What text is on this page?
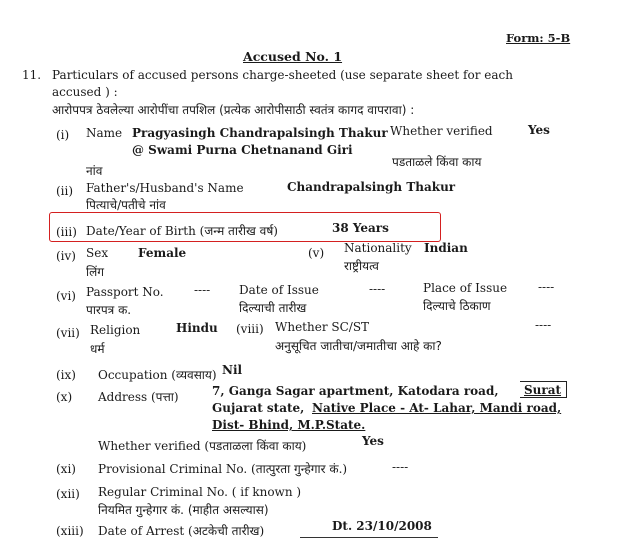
Form: 5-B
Accused No. 1
11. Particulars of accused persons charge-sheeted (use separate sheet for each
accused ) :
आरोपपत्र ठेवलेल्या आरोपींचा तपशिल (प्रत्येक आरोपीसाठी स्वतंत्र कागद वापरावा) :
(i) Name Pragyasingh Chandrapalsingh Thakur
@ Swami Purna Chetnanand Giri
Whether verified	Yes
नांव
पडताळले किंवा काय
(ii) Father's/Husband's Name	Chandrapalsingh Thakur
पित्याचे/पतीचे नांव
(iii) Date/Year of Birth (जन्म तारीख वर्ष)	38 Years
(iv) Sex Female
लिंग
(v) Nationality Indian
राष्ट्रीयत्व
(vi) Passport No.	----
पारपत्र क.
Date of Issue	----
दिल्याची तारीख
Place of Issue	----
दिल्याचे ठिकाण
(vii) Religion	Hindu
धर्म
(viii) Whether SC/ST	----
अनुसूचित जातीचा/जमातीचा आहे का?
(ix) Occupation (व्यवसाय) Nil
(x) Address (पत्ता)	7, Ganga Sagar apartment, Katodara road, Surat
Gujarat state, Native Place - At- Lahar, Mandi road,
Dist- Bhind, M.P.State.
Whether verified (पडताळला किंवा काय)	Yes
(xi) Provisional Criminal No. (तात्पुरता गुन्हेगार कं.)	----
(xii) Regular Criminal No. ( if known )
नियमित गुन्हेगार कं. (माहीत असल्यास)
(xiii) Date of Arrest (अटकेची तारीख)	Dt. 23/10/2008
